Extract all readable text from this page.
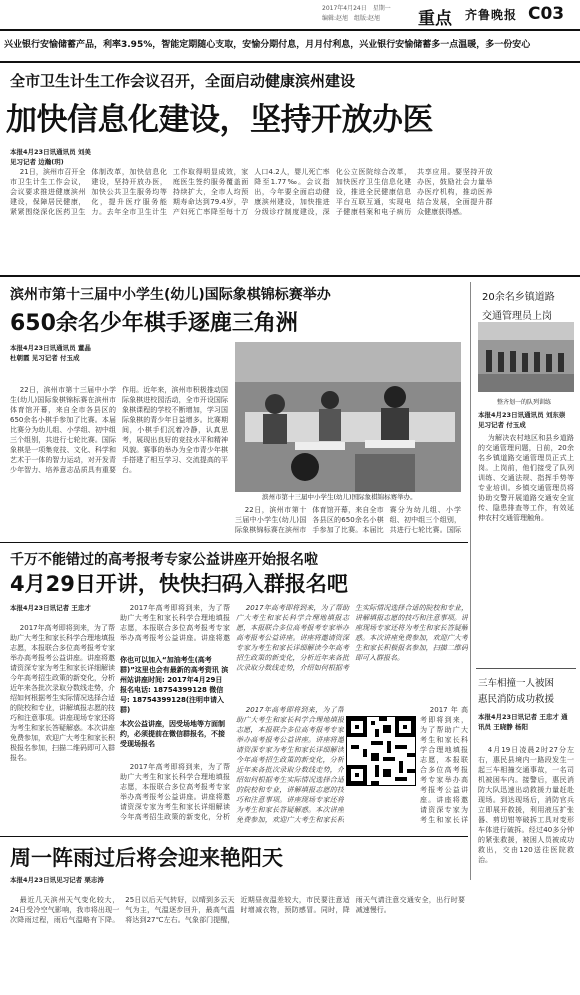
2017年4月24日　星期一
编辑:赵旭　组版:赵旭 重点 齐鲁晚报 C03
兴业银行安愉储蓄产品，利率3.95%，智能定期随心支取，安愉分期付息，月月付利息，兴业银行安愉储蓄多一点温暖，多一份安心
全市卫生计生工作会议召开，全面启动健康滨州建设
加快信息化建设，坚持开放办医
本报4月23日讯通讯员 刘美 见习记者 边瀚(玥)

21日，滨州市召开全市卫生计生工作会议，会议要求推进健康滨州建设，保障居民健康，紧紧围绕深化医药卫生体制改革，加快信息化建设，坚持开放办医，加快公共卫生服务均等化，提升医疗服务能力。去年全市卫生计生工作取得明显成效，家庭医生签约服务覆盖面持续扩大，全市人均预期寿命达到79.4岁，孕产妇死亡率降至每十万人口4.2人，婴儿死亡率降至1.77‰。会议指出，今年要全面启动健康滨州建设，加快推进分级诊疗制度建设，深化公立医院综合改革，加快医疗卫生信息化建设，推进全民健康信息平台互联互通，实现电子健康档案和电子病历共享应用。要坚持开放办医，鼓励社会力量举办医疗机构，推动医养结合发展，全面提升群众健康获得感。

滨州市第十三届中小学生(幼儿)国际象棋锦标赛举办
650余名少年棋手逐鹿三角洲
本报4月23日讯通讯员 董晶 杜朝霞 见习记者 付玉成

22日，滨州市第十三届中小学生(幼儿)国际象棋锦标赛在滨州市体育馆开幕，来自全市各县区的650余名小棋手参加了比赛。本届比赛分为幼儿组、小学组、初中组三个组别，共进行七轮比赛。国际象棋是一项集竞技、文化、科学和艺术于一体的智力运动，对开发青少年智力、培养意志品质具有重要作用。近年来，滨州市积极推动国际象棋进校园活动，全市开设国际象棋课程的学校不断增加，学习国际象棋的青少年日益增多。比赛期间，小棋手们沉着冷静，认真思考，展现出良好的竞技水平和精神风貌。赛事的举办为全市青少年棋手搭建了相互学习、交流提高的平台。

滨州市第十三届中小学生(幼儿)国际象棋锦标赛举办。

22日，滨州市第十三届中小学生(幼儿)国际象棋锦标赛在滨州市体育馆开幕，来自全市各县区的650余名小棋手参加了比赛。本届比赛分为幼儿组、小学组、初中组三个组别，共进行七轮比赛。国际

20余名乡镇道路
交通管理员上岗
整齐划一的队列训练
本报4月23日讯通讯员 刘东崇 见习记者 付玉成

为解决农村地区和县乡道路的交通管理问题，日前，20余名乡镇道路交通管理员正式上岗。上岗前，他们接受了队列训练、交通法规、指挥手势等专业培训。乡镇交通管理员将协助交警开展道路交通安全宣传、隐患排查等工作，有效延伸农村交通管理触角。

三车相撞一人被困
惠民消防成功救援
本报4月23日讯记者 王忠才 通讯员 王晓静 杨阳

4月19日凌晨2时27分左右，惠民县境内一路段发生一起三车相撞交通事故，一名司机被困车内。接警后，惠民消防大队迅速出动救援力量赶赴现场。到达现场后，消防官兵立即展开救援，利用液压扩张器、剪切钳等破拆工具对变形车体进行破拆。经过40多分钟的紧张救援，被困人员被成功救出，交由120送往医院救治。

千万不能错过的高考报考专家公益讲座开始报名啦
4月29日开讲，快快扫码入群报名吧
本报4月23日讯记者 王忠才

2017年高考即将到来，为了帮助广大考生和家长科学合理地填报志愿，本报联合多位高考报考专家举办高考报考公益讲座。讲座将邀请资深专家为考生和家长详细解读今年高考招生政策的新变化，分析近年来各批次录取分数线走势，介绍如何根据考生实际情况选择合适的院校和专业，讲解填报志愿的技巧和注意事项。讲座现场专家还将为考生和家长答疑解惑。本次讲座免费参加，欢迎广大考生和家长积极报名参加，扫描二维码即可入群报名。

2017年高考即将到来，为了帮助广大考生和家长科学合理地填报志愿，本报联合多位高考报考专家举办高考报考公益讲座。讲座将邀

你也可以加入“加油考生(高考群)”这里也会有最新的高考资讯 滨州站讲座时间: 2017年4月29日 报名电话: 18754399128 微信号: 18754399128(注明申请入群)
本次公益讲座，因受场地等方面制约，必须提前在微信群报名，不接受现场报名

2017年高考即将到来，为了帮助广大考生和家长科学合理地填报志愿，本报联合多位高考报考专家举办高考报考公益讲座。讲座将邀请资深专家为考生和家长详细解读今年高考招生政策的新变化，分析

2017年高考即将到来，为了帮助广大考生和家长科学合理地填报志愿，本报联合多位高考报考专家举办高考报考公益讲座。讲座将邀请资深专家为考生和家长详细解读今年高考招生政策的新变化，分析近年来各批次录取分数线走势，介绍如何根据考生实际情况选择合适的院校和专业，讲解填报志愿的技巧和注意事项。讲座现场专家还将为考生和家长答疑解惑。本次讲座免费参加，欢迎广大考生和家长积极报名参加，扫描二维码即可入群报名。

2017年高考即将到来，为了帮助广大考生和家长科学合理地填报志愿，本报联合多位高考报考专家举办高考报考公益讲座。讲座将邀请资深专家为考生和家长详细解读今年高考招生政策的新变化，分析近年来各批次录取分数线走势，介绍如何根据考生实际情况选择合适的院校和专业，讲解填报志愿的技巧和注意事项。讲座现场专家还将为考生和家长答疑解惑。本次讲座免费参加，欢迎广大考生和家长积

2017年高考即将到来，为了帮助广大考生和家长科学合理地填报志愿，本报联合多位高考报考专家举办高考报考公益讲座。讲座将邀请资深专家为考生和家长详

周一阵雨过后将会迎来艳阳天
本报4月23日讯见习记者 栗志涛

最近几天滨州天气变化较大，24日受冷空气影响，我市将出现一次降雨过程，雨后气温略有下降。25日以后天气转好，以晴到多云天气为主，气温逐步回升，最高气温将达到27℃左右。气象部门提醒，近期昼夜温差较大，市民要注意适时增减衣物，预防感冒。同时，降雨天气请注意交通安全，出行时要减速慢行。
